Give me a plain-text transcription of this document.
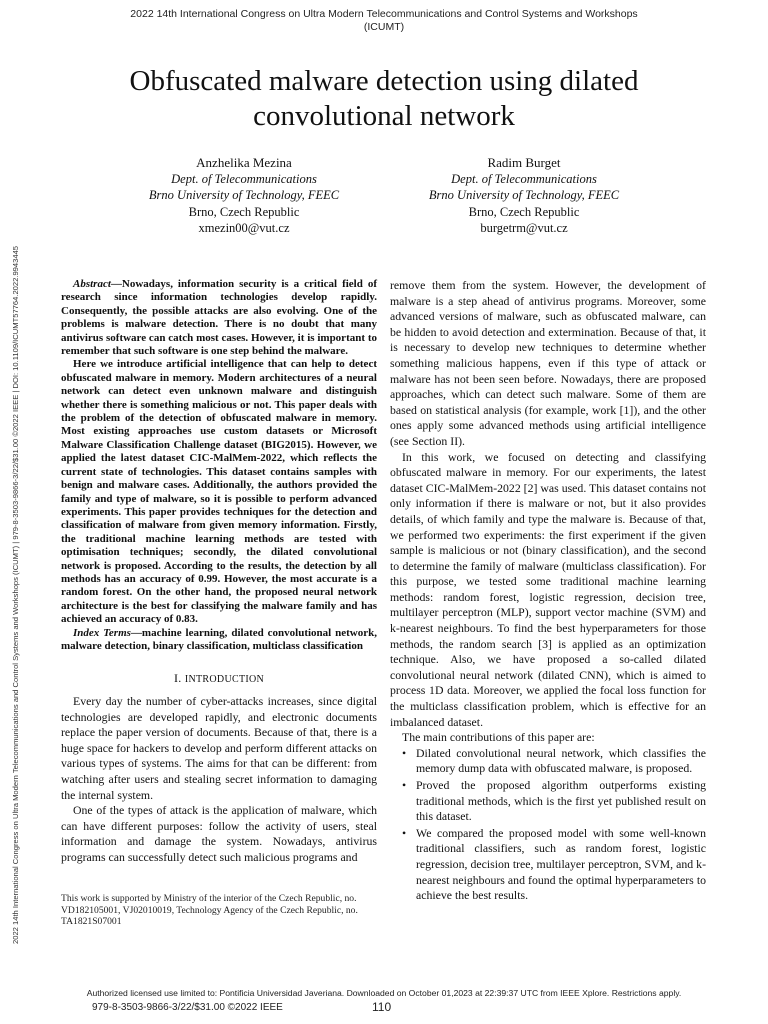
2022 14th International Congress on Ultra Modern Telecommunications and Control Systems and Workshops
(ICUMT)
2022 14th International Congress on Ultra Modern Telecommunications and Control Systems and Workshops (ICUMT) | 979-8-3503-9866-3/22/$31.00 ©2022 IEEE | DOI: 10.1109/ICUMT57764.2022.9943445
Obfuscated malware detection using dilated
convolutional network
Anzhelika Mezina
Dept. of Telecommunications
Brno University of Technology, FEEC
Brno, Czech Republic
xmezin00@vut.cz
Radim Burget
Dept. of Telecommunications
Brno University of Technology, FEEC
Brno, Czech Republic
burgetrm@vut.cz

Abstract—Nowadays, information security is a critical field of research since information technologies develop rapidly. Consequently, the possible attacks are also evolving. One of the problems is malware detection. There is no doubt that many antivirus software can catch most cases. However, it is important to remember that such software is one step behind the malware.

Here we introduce artificial intelligence that can help to detect obfuscated malware in memory. Modern architectures of a neural network can detect even unknown malware and distinguish whether there is something malicious or not. This paper deals with the problem of the detection of obfuscated malware in memory. Most existing approaches use custom datasets or Microsoft Malware Classification Challenge dataset (BIG2015). However, we applied the latest dataset CIC-MalMem-2022, which reflects the current state of technologies. This dataset contains samples with benign and malware cases. Additionally, the authors provided the family and type of malware, so it is possible to perform advanced experiments. This paper provides techniques for the detection and classification of malware from given memory information. Firstly, the traditional machine learning methods are tested with optimisation techniques; secondly, the dilated convolutional network is proposed. According to the results, the detection by all methods has an accuracy of 0.99. However, the most accurate is a random forest. On the other hand, the proposed neural network architecture is the best for classifying the malware family and has achieved an accuracy of 0.83.

Index Terms—machine learning, dilated convolutional network, malware detection, binary classification, multiclass classification

I. INTRODUCTION

Every day the number of cyber-attacks increases, since digital technologies are developed rapidly, and electronic documents replace the paper version of documents. Because of that, there is a huge space for hackers to develop and perform different attacks on various types of systems. The aims for that can be different: from watching after users and stealing secret information to damaging the internal system.

One of the types of attack is the application of malware, which can have different purposes: follow the activity of users, steal information and damage the system. Nowadays, antivirus programs can successfully detect such malicious programs and

This work is supported by Ministry of the interior of the Czech Republic, no. VD182105001, VJ02010019, Technology Agency of the Czech Republic, no. TA1821S07001

remove them from the system. However, the development of malware is a step ahead of antivirus programs. Moreover, some advanced versions of malware, such as obfuscated malware, can be hidden to avoid detection and extermination. Because of that, it is necessary to develop new techniques to determine whether something malicious happens, even if this type of attack or malware has not been seen before. Nowadays, there are proposed approaches, which can detect such malware. Some of them are based on statistical analysis (for example, work [1]), and the other ones apply some advanced methods using artificial intelligence (see Section II).

In this work, we focused on detecting and classifying obfuscated malware in memory. For our experiments, the latest dataset CIC-MalMem-2022 [2] was used. This dataset contains not only information if there is malware or not, but it also provides details, of which family and type the malware is. Because of that, we performed two experiments: the first experiment if the given sample is malicious or not (binary classification), and the second to determine the family of malware (multiclass classification). For this purpose, we tested some traditional machine learning methods: random forest, logistic regression, decision tree, multilayer perceptron (MLP), support vector machine (SVM) and k-nearest neighbours. To find the best hyperparameters for those methods, the random search [3] is applied as an optimization technique. Also, we have proposed a so-called dilated convolutional neural network (dilated CNN), which is aimed to process 1D data. Moreover, we applied the focal loss function for the multiclass classification problem, which is effective for an imbalanced dataset.

The main contributions of this paper are:

• Dilated convolutional neural network, which classifies the memory dump data with obfuscated malware, is proposed.
• Proved the proposed algorithm outperforms existing traditional methods, which is the first yet published result on this dataset.
• We compared the proposed model with some well-known traditional classifiers, such as random forest, logistic regression, decision tree, multilayer perceptron, SVM, and k-nearest neighbours and found the optimal hyperparameters to achieve the best results.
Authorized licensed use limited to: Pontificia Universidad Javeriana. Downloaded on October 01,2023 at 22:39:37 UTC from IEEE Xplore. Restrictions apply.
979-8-3503-9866-3/22/$31.00 ©2022 IEEE	110
